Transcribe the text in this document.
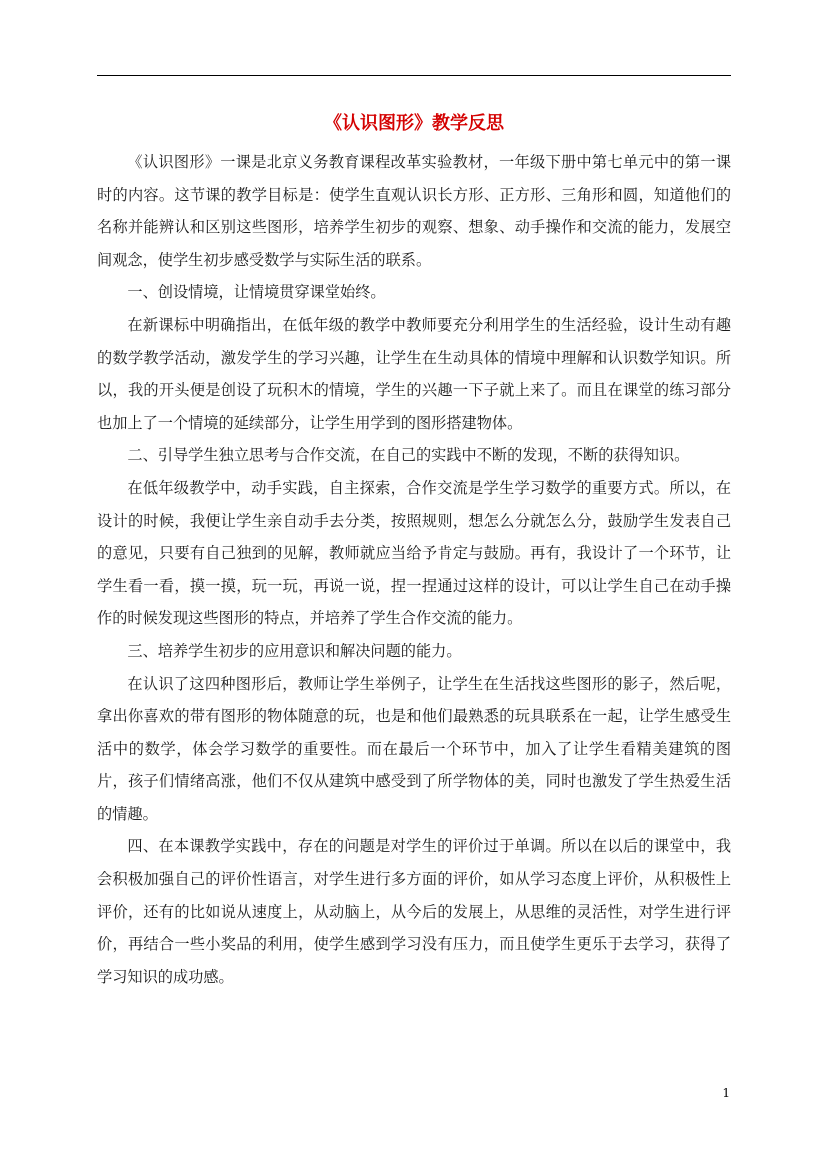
《认识图形》教学反思

《认识图形》一课是北京义务教育课程改革实验教材，一年级下册中第七单元中的第一课时的内容。这节课的教学目标是：使学生直观认识长方形、正方形、三角形和圆，知道他们的名称并能辨认和区别这些图形，培养学生初步的观察、想象、动手操作和交流的能力，发展空间观念，使学生初步感受数学与实际生活的联系。

一、创设情境，让情境贯穿课堂始终。

在新课标中明确指出，在低年级的教学中教师要充分利用学生的生活经验，设计生动有趣的数学教学活动，激发学生的学习兴趣，让学生在生动具体的情境中理解和认识数学知识。所以，我的开头便是创设了玩积木的情境，学生的兴趣一下子就上来了。而且在课堂的练习部分也加上了一个情境的延续部分，让学生用学到的图形搭建物体。

二、引导学生独立思考与合作交流，在自己的实践中不断的发现，不断的获得知识。

在低年级教学中，动手实践，自主探索，合作交流是学生学习数学的重要方式。所以，在设计的时候，我便让学生亲自动手去分类，按照规则，想怎么分就怎么分，鼓励学生发表自己的意见，只要有自己独到的见解，教师就应当给予肯定与鼓励。再有，我设计了一个环节，让学生看一看，摸一摸，玩一玩，再说一说，捏一捏通过这样的设计，可以让学生自己在动手操作的时候发现这些图形的特点，并培养了学生合作交流的能力。

三、培养学生初步的应用意识和解决问题的能力。

在认识了这四种图形后，教师让学生举例子，让学生在生活找这些图形的影子，然后呢，拿出你喜欢的带有图形的物体随意的玩，也是和他们最熟悉的玩具联系在一起，让学生感受生活中的数学，体会学习数学的重要性。而在最后一个环节中，加入了让学生看精美建筑的图片，孩子们情绪高涨，他们不仅从建筑中感受到了所学物体的美，同时也激发了学生热爱生活的情趣。

四、在本课教学实践中，存在的问题是对学生的评价过于单调。所以在以后的课堂中，我会积极加强自己的评价性语言，对学生进行多方面的评价，如从学习态度上评价，从积极性上评价，还有的比如说从速度上，从动脑上，从今后的发展上，从思维的灵活性，对学生进行评价，再结合一些小奖品的利用，使学生感到学习没有压力，而且使学生更乐于去学习，获得了学习知识的成功感。

1
